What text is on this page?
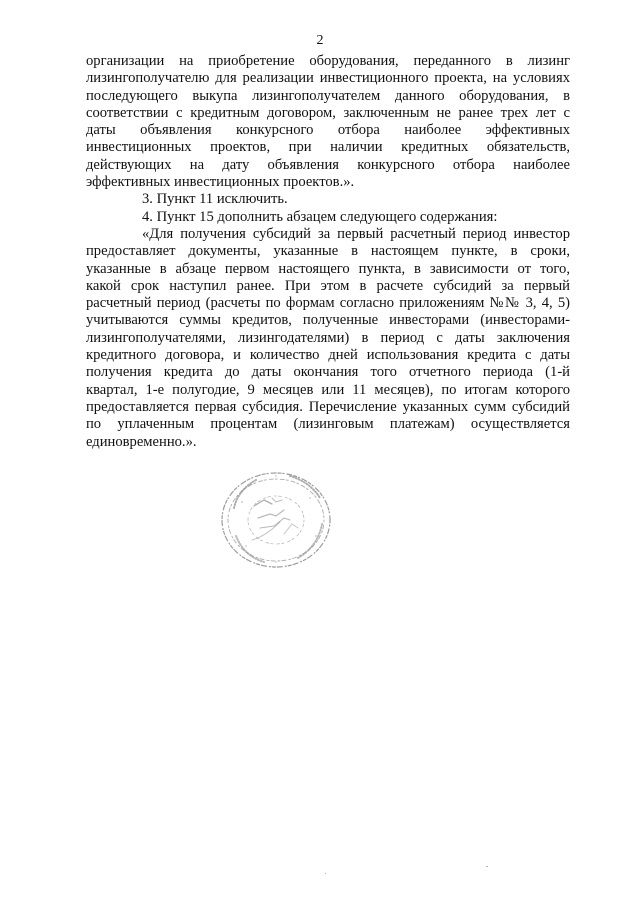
2
организации на приобретение оборудования, переданного в лизинг
лизингополучателю для реализации инвестиционного проекта, на условиях
последующего выкупа лизингополучателем данного оборудования, в
соответствии с кредитным договором, заключенным не ранее трех лет с
даты объявления конкурсного отбора наиболее эффективных
инвестиционных проектов, при наличии кредитных обязательств,
действующих на дату объявления конкурсного отбора наиболее
эффективных инвестиционных проектов.».
3. Пункт 11 исключить.
4. Пункт 15 дополнить абзацем следующего содержания:
«Для получения субсидий за первый расчетный период инвестор
предоставляет документы, указанные в настоящем пункте, в сроки,
указанные в абзаце первом настоящего пункта, в зависимости от того,
какой срок наступил ранее. При этом в расчете субсидий за первый
расчетный период (расчеты по формам согласно приложениям №№ 3, 4, 5)
учитываются суммы кредитов, полученные инвесторами (инвесторами-
лизингополучателями, лизингодателями) в период с даты заключения
кредитного договора, и количество дней использования кредита с даты
получения кредита до даты окончания того отчетного периода (1-й
квартал, 1-е полугодие, 9 месяцев или 11 месяцев), по итогам которого
предоставляется первая субсидия. Перечисление указанных сумм субсидий
по уплаченным процентам (лизинговым платежам) осуществляется
единовременно.».
